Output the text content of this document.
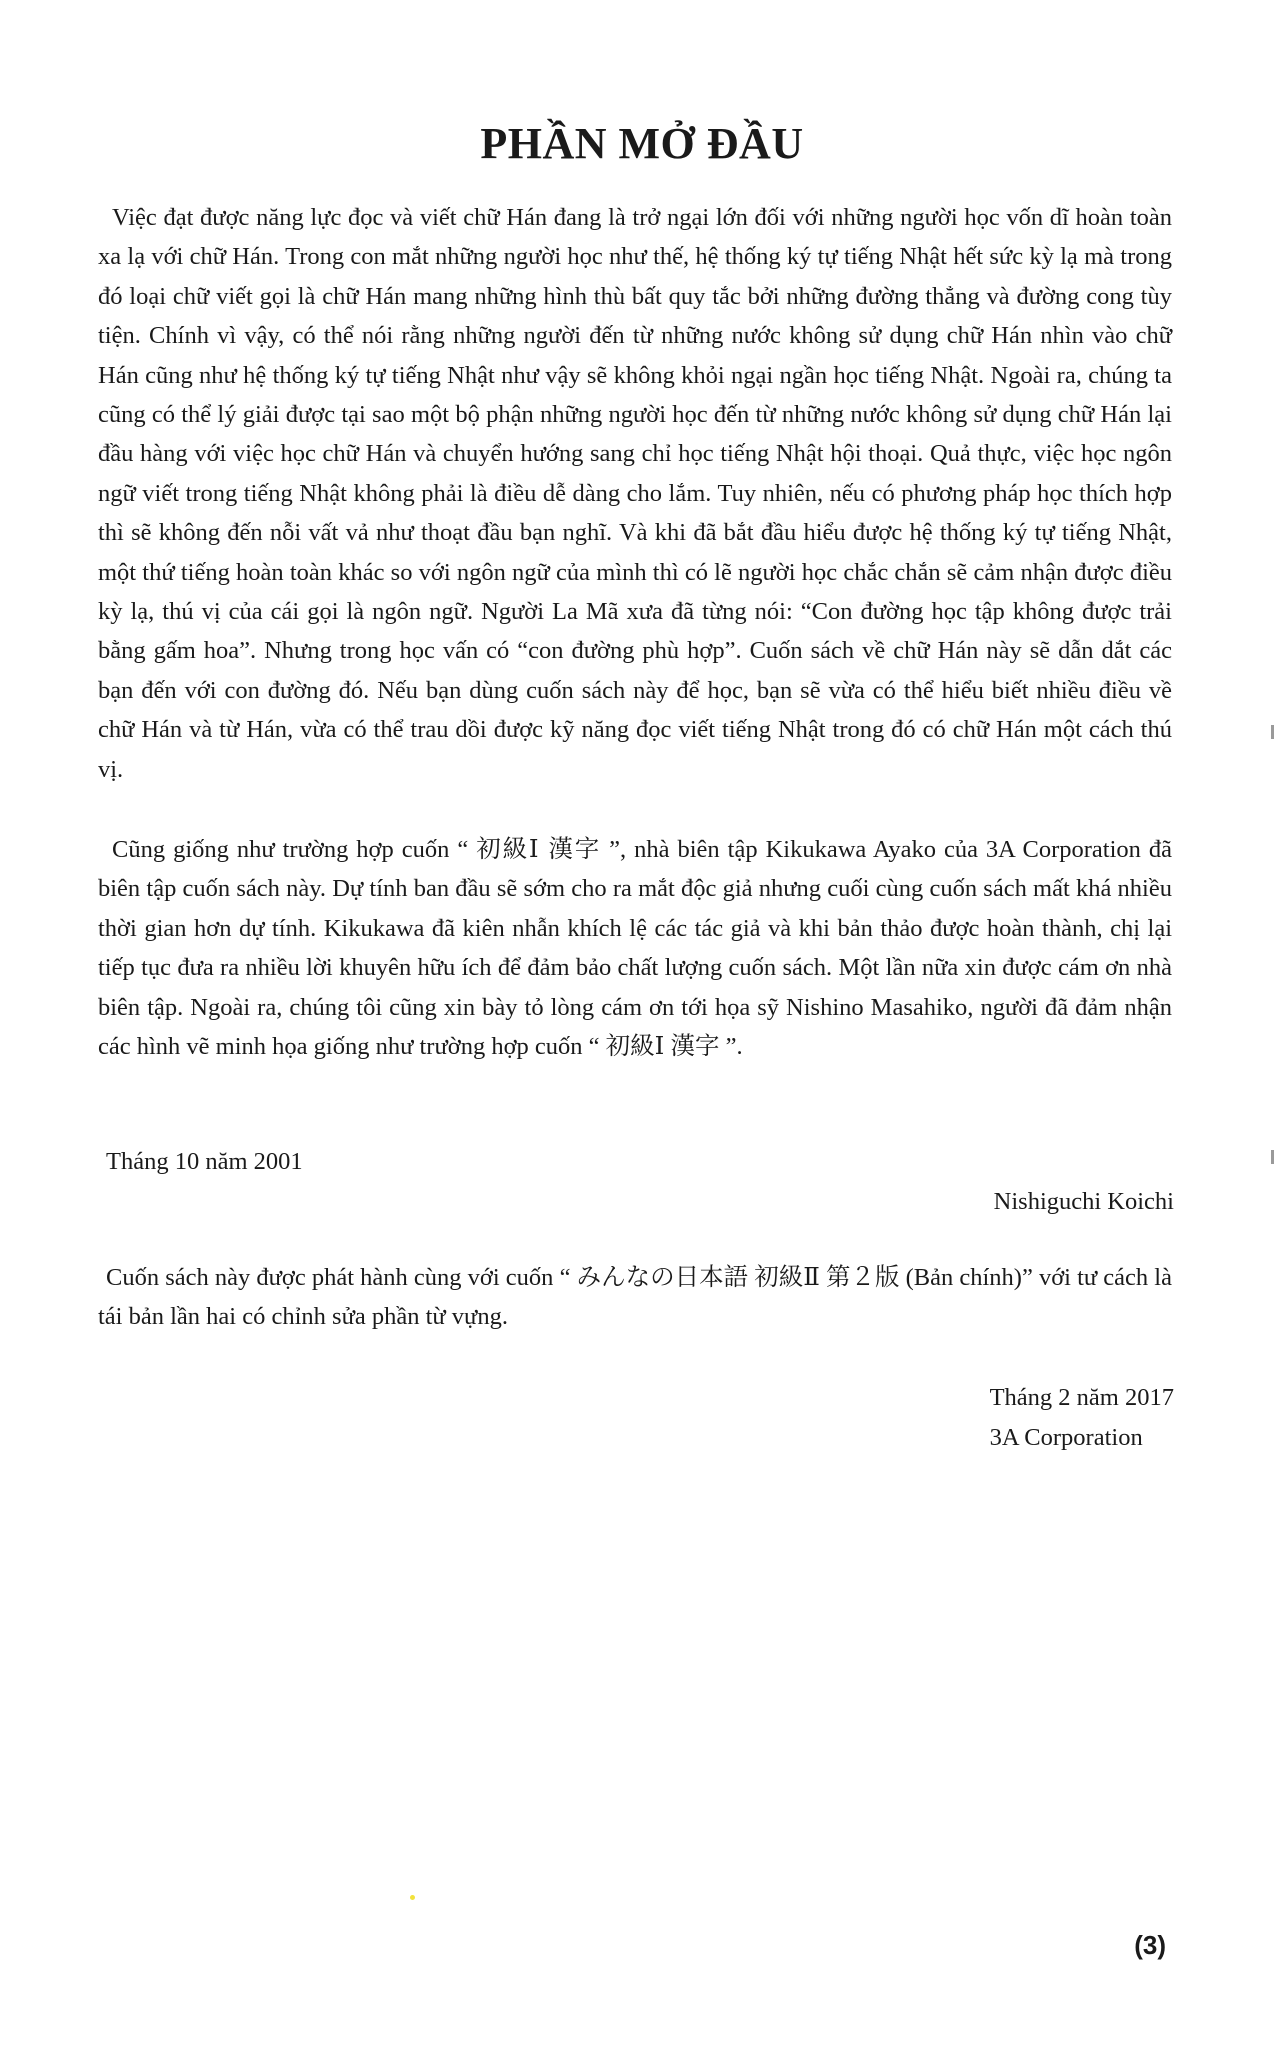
PHẦN MỞ ĐẦU

Việc đạt được năng lực đọc và viết chữ Hán đang là trở ngại lớn đối với những người học vốn dĩ hoàn toàn xa lạ với chữ Hán. Trong con mắt những người học như thế, hệ thống ký tự tiếng Nhật hết sức kỳ lạ mà trong đó loại chữ viết gọi là chữ Hán mang những hình thù bất quy tắc bởi những đường thẳng và đường cong tùy tiện. Chính vì vậy, có thể nói rằng những người đến từ những nước không sử dụng chữ Hán nhìn vào chữ Hán cũng như hệ thống ký tự tiếng Nhật như vậy sẽ không khỏi ngại ngần học tiếng Nhật. Ngoài ra, chúng ta cũng có thể lý giải được tại sao một bộ phận những người học đến từ những nước không sử dụng chữ Hán lại đầu hàng với việc học chữ Hán và chuyển hướng sang chỉ học tiếng Nhật hội thoại. Quả thực, việc học ngôn ngữ viết trong tiếng Nhật không phải là điều dễ dàng cho lắm. Tuy nhiên, nếu có phương pháp học thích hợp thì sẽ không đến nỗi vất vả như thoạt đầu bạn nghĩ. Và khi đã bắt đầu hiểu được hệ thống ký tự tiếng Nhật, một thứ tiếng hoàn toàn khác so với ngôn ngữ của mình thì có lẽ người học chắc chắn sẽ cảm nhận được điều kỳ lạ, thú vị của cái gọi là ngôn ngữ. Người La Mã xưa đã từng nói: “Con đường học tập không được trải bằng gấm hoa”. Nhưng trong học vấn có “con đường phù hợp”. Cuốn sách về chữ Hán này sẽ dẫn dắt các bạn đến với con đường đó. Nếu bạn dùng cuốn sách này để học, bạn sẽ vừa có thể hiểu biết nhiều điều về chữ Hán và từ Hán, vừa có thể trau dồi được kỹ năng đọc viết tiếng Nhật trong đó có chữ Hán một cách thú vị.

Cũng giống như trường hợp cuốn “ 初級Ⅰ 漢字 ”, nhà biên tập Kikukawa Ayako của 3A Corporation đã biên tập cuốn sách này. Dự tính ban đầu sẽ sớm cho ra mắt độc giả nhưng cuối cùng cuốn sách mất khá nhiều thời gian hơn dự tính. Kikukawa đã kiên nhẫn khích lệ các tác giả và khi bản thảo được hoàn thành, chị lại tiếp tục đưa ra nhiều lời khuyên hữu ích để đảm bảo chất lượng cuốn sách. Một lần nữa xin được cám ơn nhà biên tập. Ngoài ra, chúng tôi cũng xin bày tỏ lòng cám ơn tới họa sỹ Nishino Masahiko, người đã đảm nhận các hình vẽ minh họa giống như trường hợp cuốn “ 初級Ⅰ 漢字 ”.

Tháng 10 năm 2001

Nishiguchi Koichi

Cuốn sách này được phát hành cùng với cuốn “ みんなの日本語 初級Ⅱ 第２版 (Bản chính)” với tư cách là tái bản lần hai có chỉnh sửa phần từ vựng.

Tháng 2 năm 2017
3A Corporation
(3)
